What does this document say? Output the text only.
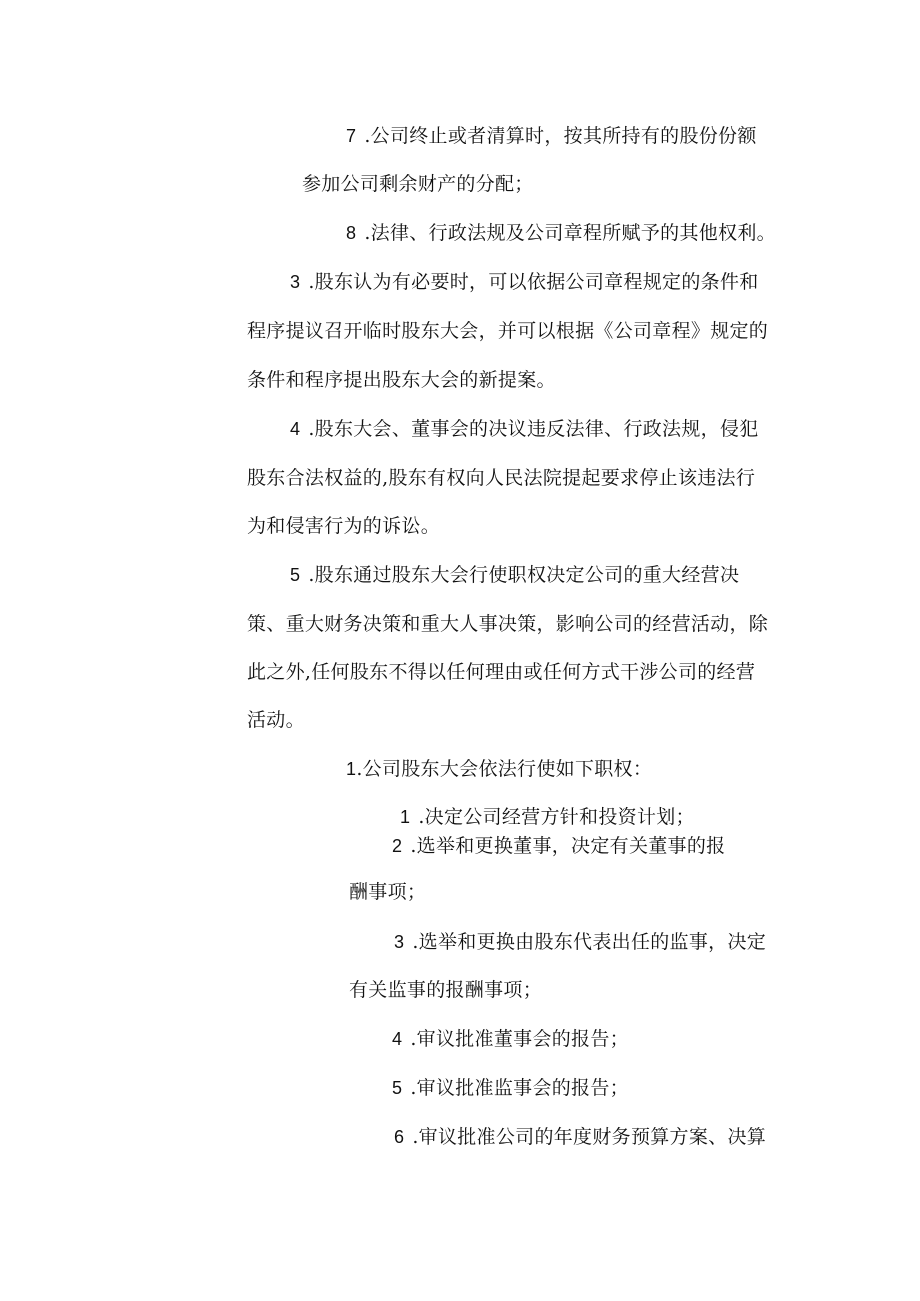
7 .公司终止或者清算时，按其所持有的股份份额
参加公司剩余财产的分配；
8 .法律、行政法规及公司章程所赋予的其他权利。
3 .股东认为有必要时，可以依据公司章程规定的条件和
程序提议召开临时股东大会，并可以根据《公司章程》规定的
条件和程序提出股东大会的新提案。
4 .股东大会、董事会的决议违反法律、行政法规，侵犯
股东合法权益的,股东有权向人民法院提起要求停止该违法行
为和侵害行为的诉讼。
5 .股东通过股东大会行使职权决定公司的重大经营决
策、重大财务决策和重大人事决策，影响公司的经营活动，除
此之外,任何股东不得以任何理由或任何方式干涉公司的经营
活动。
1.公司股东大会依法行使如下职权：
1 .决定公司经营方针和投资计划；
2 .选举和更换董事，决定有关董事的报
酬事项；
3 .选举和更换由股东代表出任的监事，决定
有关监事的报酬事项；
4 .审议批准董事会的报告；
5 .审议批准监事会的报告；
6 .审议批准公司的年度财务预算方案、决算
